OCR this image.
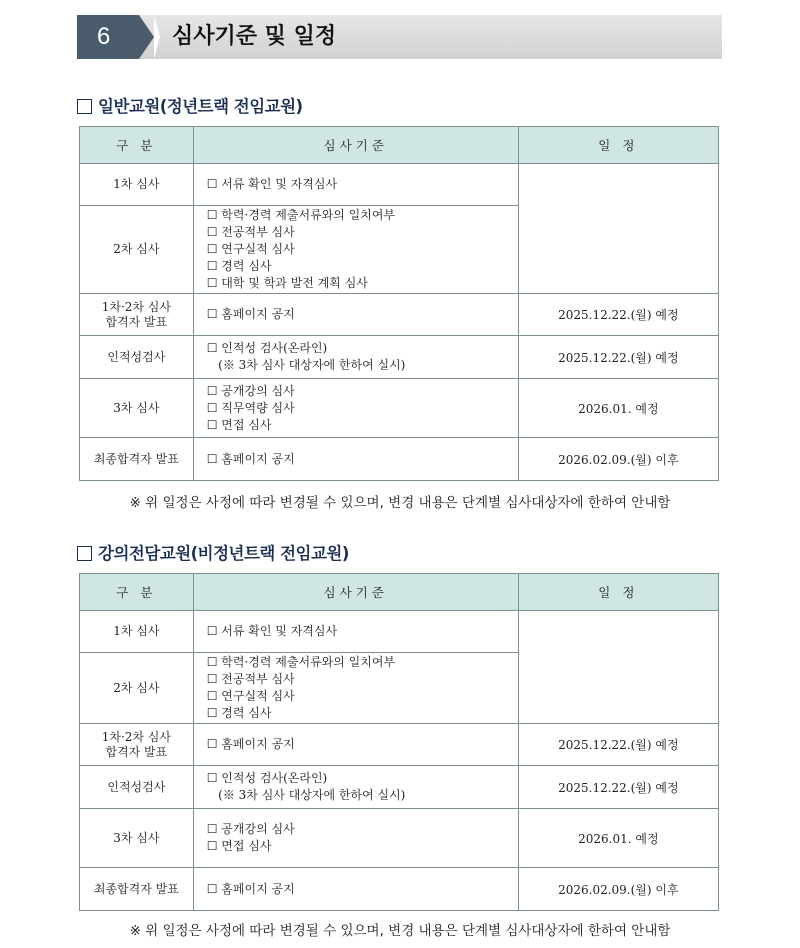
6	심사기준 및 일정
일반교원(정년트랙 전임교원)
구 분	심사기준	일 정
1차 심사	☐ 서류 확인 및 자격심사	

2차 심사	☐ 학력·경력 제출서류와의 일치여부
☐ 전공적부 심사
☐ 연구실적 심사
☐ 경력 심사
☐ 대학 및 학과 발전 계획 심사	

1차·2차 심사
합격자 발표	☐ 홈페이지 공지	2025.12.22.(월) 예정
인적성검사	☐ 인적성 검사(온라인)
(※ 3차 심사 대상자에 한하여 실시)	2025.12.22.(월) 예정
3차 심사	☐ 공개강의 심사
☐ 직무역량 심사
☐ 면접 심사	2026.01. 예정
최종합격자 발표	☐ 홈페이지 공지	2026.02.09.(월) 이후
※ 위 일정은 사정에 따라 변경될 수 있으며, 변경 내용은 단계별 심사대상자에 한하여 안내함
강의전담교원(비정년트랙 전임교원)
구 분	심사기준	일 정
1차 심사	☐ 서류 확인 및 자격심사	

2차 심사	☐ 학력·경력 제출서류와의 일치여부
☐ 전공적부 심사
☐ 연구실적 심사
☐ 경력 심사	

1차·2차 심사
합격자 발표	☐ 홈페이지 공지	2025.12.22.(월) 예정
인적성검사	☐ 인적성 검사(온라인)
(※ 3차 심사 대상자에 한하여 실시)	2025.12.22.(월) 예정
3차 심사	☐ 공개강의 심사
☐ 면접 심사	2026.01. 예정
최종합격자 발표	☐ 홈페이지 공지	2026.02.09.(월) 이후
※ 위 일정은 사정에 따라 변경될 수 있으며, 변경 내용은 단계별 심사대상자에 한하여 안내함
